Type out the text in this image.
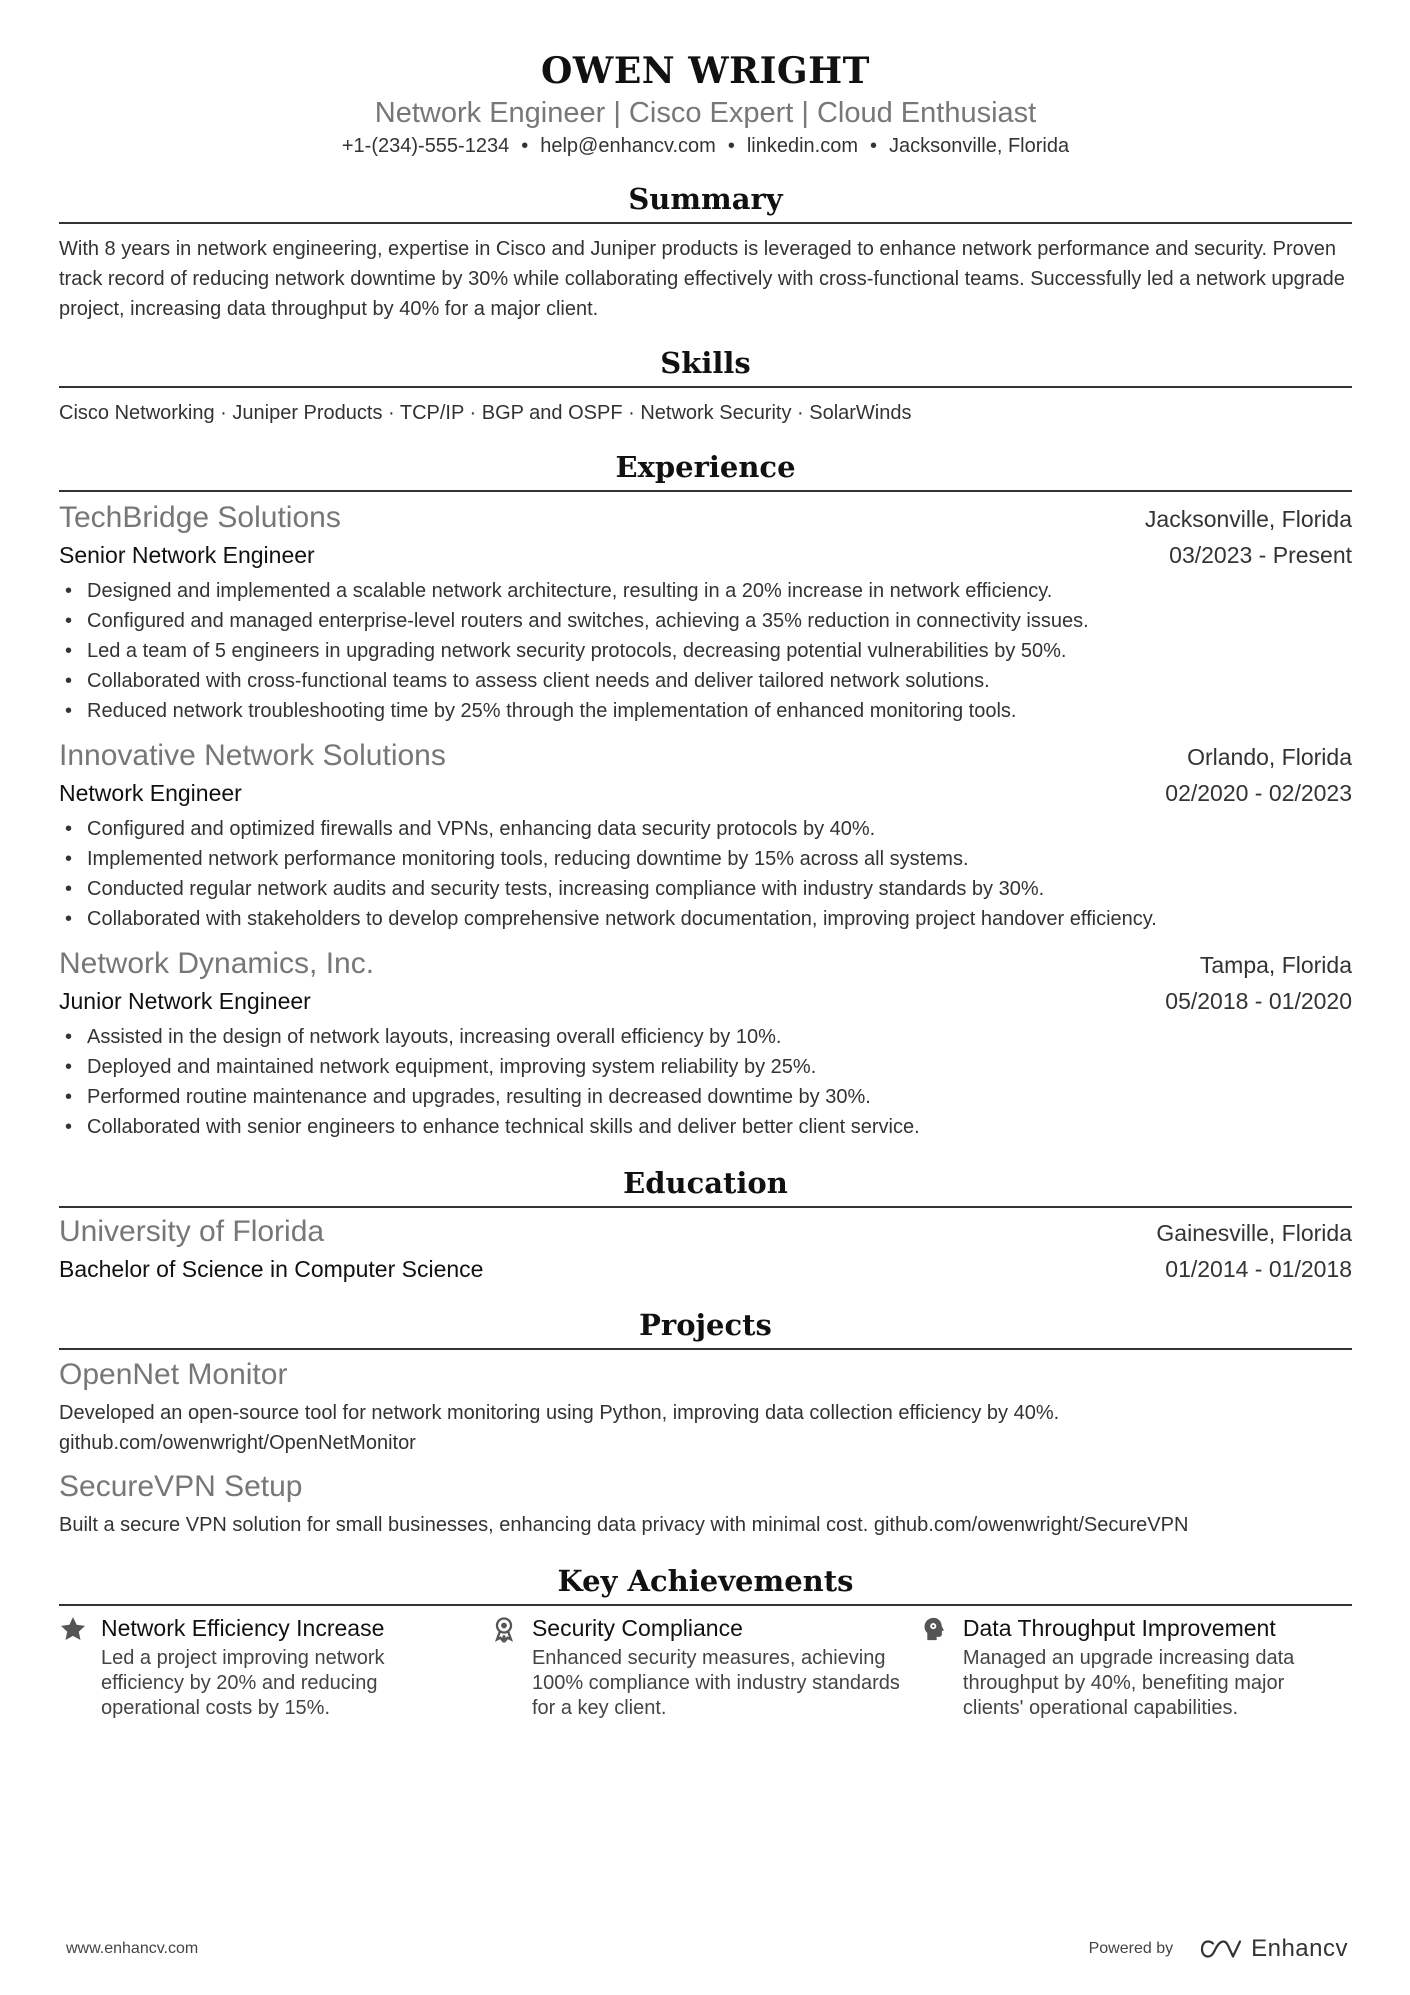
OWEN WRIGHT
Network Engineer | Cisco Expert | Cloud Enthusiast
+1-(234)-555-1234 • help@enhancv.com • linkedin.com • Jacksonville, Florida
Summary
With 8 years in network engineering, expertise in Cisco and Juniper products is leveraged to enhance network performance and security. Proven track record of reducing network downtime by 30% while collaborating effectively with cross-functional teams. Successfully led a network upgrade project, increasing data throughput by 40% for a major client.
Skills
Cisco Networking · Juniper Products · TCP/IP · BGP and OSPF · Network Security · SolarWinds
Experience
TechBridge Solutions	Jacksonville, Florida
Senior Network Engineer	03/2023 - Present
• Designed and implemented a scalable network architecture, resulting in a 20% increase in network efficiency.
• Configured and managed enterprise-level routers and switches, achieving a 35% reduction in connectivity issues.
• Led a team of 5 engineers in upgrading network security protocols, decreasing potential vulnerabilities by 50%.
• Collaborated with cross-functional teams to assess client needs and deliver tailored network solutions.
• Reduced network troubleshooting time by 25% through the implementation of enhanced monitoring tools.
Innovative Network Solutions	Orlando, Florida
Network Engineer	02/2020 - 02/2023
• Configured and optimized firewalls and VPNs, enhancing data security protocols by 40%.
• Implemented network performance monitoring tools, reducing downtime by 15% across all systems.
• Conducted regular network audits and security tests, increasing compliance with industry standards by 30%.
• Collaborated with stakeholders to develop comprehensive network documentation, improving project handover efficiency.
Network Dynamics, Inc.	Tampa, Florida
Junior Network Engineer	05/2018 - 01/2020
• Assisted in the design of network layouts, increasing overall efficiency by 10%.
• Deployed and maintained network equipment, improving system reliability by 25%.
• Performed routine maintenance and upgrades, resulting in decreased downtime by 30%.
• Collaborated with senior engineers to enhance technical skills and deliver better client service.
Education
University of Florida	Gainesville, Florida
Bachelor of Science in Computer Science	01/2014 - 01/2018
Projects
OpenNet Monitor
Developed an open-source tool for network monitoring using Python, improving data collection efficiency by 40%. github.com/owenwright/OpenNetMonitor
SecureVPN Setup
Built a secure VPN solution for small businesses, enhancing data privacy with minimal cost. github.com/owenwright/SecureVPN
Key Achievements
Network Efficiency Increase
Led a project improving network efficiency by 20% and reducing operational costs by 15%.
Security Compliance
Enhanced security measures, achieving 100% compliance with industry standards for a key client.
Data Throughput Improvement
Managed an upgrade increasing data throughput by 40%, benefiting major clients' operational capabilities.
www.enhancv.com	Powered by	Enhancv
